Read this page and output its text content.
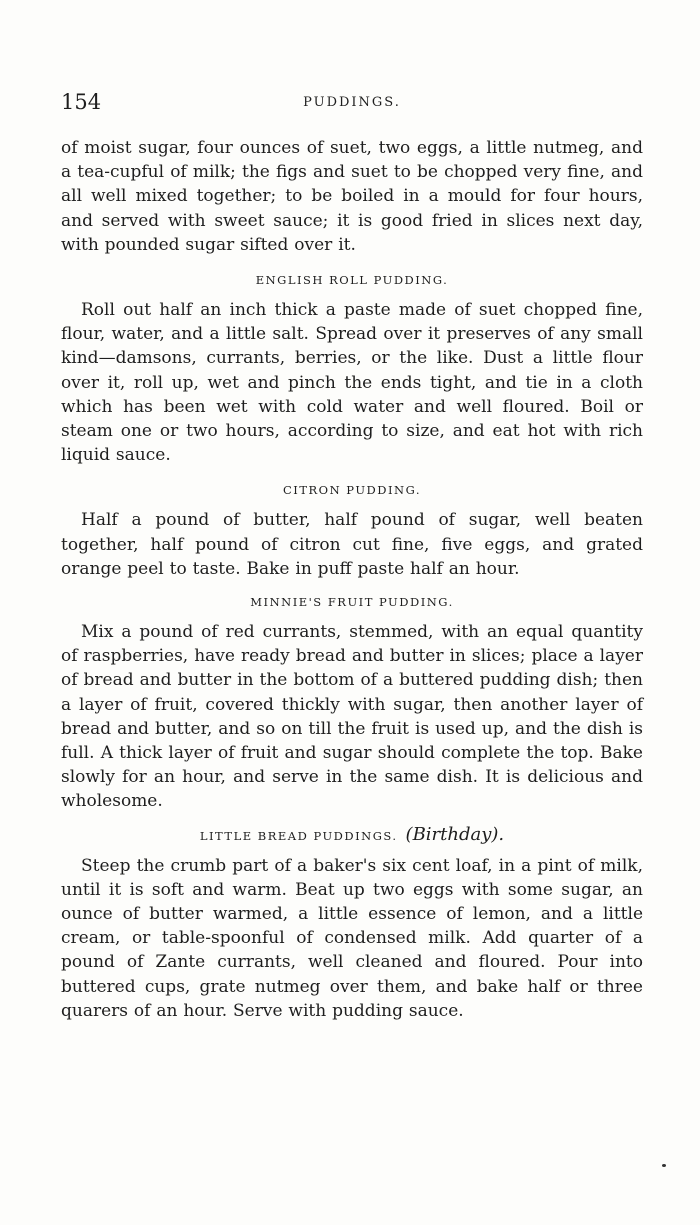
154	PUDDINGS.

of moist sugar, four ounces of suet, two eggs, a little nutmeg, and a tea-cupful of milk; the figs and suet to be chopped very fine, and all well mixed together; to be boiled in a mould for four hours, and served with sweet sauce; it is good fried in slices next day, with pounded sugar sifted over it.

ENGLISH ROLL PUDDING.

Roll out half an inch thick a paste made of suet chopped fine, flour, water, and a little salt. Spread over it preserves of any small kind—damsons, currants, berries, or the like. Dust a little flour over it, roll up, wet and pinch the ends tight, and tie in a cloth which has been wet with cold water and well floured. Boil or steam one or two hours, according to size, and eat hot with rich liquid sauce.

CITRON PUDDING.

Half a pound of butter, half pound of sugar, well beaten together, half pound of citron cut fine, five eggs, and grated orange peel to taste. Bake in puff paste half an hour.

MINNIE'S FRUIT PUDDING.

Mix a pound of red currants, stemmed, with an equal quantity of raspberries, have ready bread and butter in slices; place a layer of bread and butter in the bottom of a buttered pudding dish; then a layer of fruit, covered thickly with sugar, then another layer of bread and butter, and so on till the fruit is used up, and the dish is full. A thick layer of fruit and sugar should complete the top. Bake slowly for an hour, and serve in the same dish. It is delicious and wholesome.

LITTLE BREAD PUDDINGS. (Birthday).

Steep the crumb part of a baker's six cent loaf, in a pint of milk, until it is soft and warm. Beat up two eggs with some sugar, an ounce of butter warmed, a little essence of lemon, and a little cream, or table-spoonful of condensed milk. Add quarter of a pound of Zante currants, well cleaned and floured. Pour into buttered cups, grate nutmeg over them, and bake half or three quarers of an hour. Serve with pudding sauce.
